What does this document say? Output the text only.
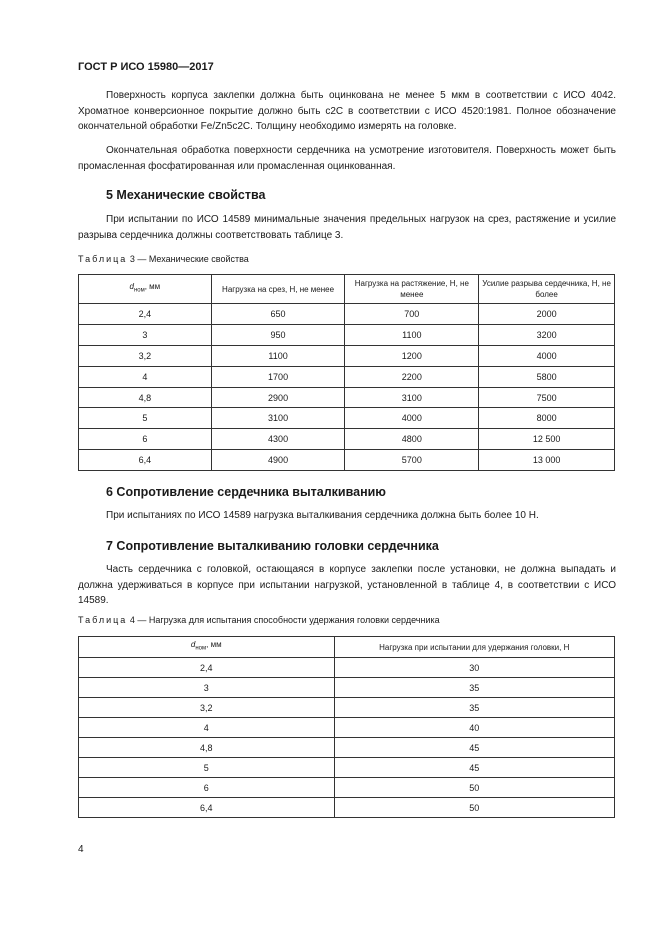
ГОСТ Р ИСО 15980—2017
Поверхность корпуса заклепки должна быть оцинкована не менее 5 мкм в соответствии с ИСО 4042. Хроматное конверсионное покрытие должно быть с2С в соответствии с ИСО 4520:1981. Полное обозначение окончательной обработки Fe/Zn5c2C. Толщину необходимо измерять на головке.
Окончательная обработка поверхности сердечника на усмотрение изготовителя. Поверхность может быть промасленная фосфатированная или промасленная оцинкованная.
5 Механические свойства
При испытании по ИСО 14589 минимальные значения предельных нагрузок на срез, растяжение и усилие разрыва сердечника должны соответствовать таблице 3.
Таблица 3 — Механические свойства
$d_{ном}$, мм	Нагрузка на срез, Н, не менее	Нагрузка на растяжение, Н, не менее	Усилие разрыва сердечника, Н, не более
2,4	650	700	2000
3	950	1100	3200
3,2	1100	1200	4000
4	1700	2200	5800
4,8	2900	3100	7500
5	3100	4000	8000
6	4300	4800	12 500
6,4	4900	5700	13 000
6 Сопротивление сердечника выталкиванию
При испытаниях по ИСО 14589 нагрузка выталкивания сердечника должна быть более 10 Н.
7 Сопротивление выталкиванию головки сердечника
Часть сердечника с головкой, остающаяся в корпусе заклепки после установки, не должна выпадать и должна удерживаться в корпусе при испытании нагрузкой, установленной в таблице 4, в соответствии с ИСО 14589.
Таблица 4 — Нагрузка для испытания способности удержания головки сердечника
$d_{ном}$, мм	Нагрузка при испытании для удержания головки, Н
2,4	30
3	35
3,2	35
4	40
4,8	45
5	45
6	50
6,4	50
4
